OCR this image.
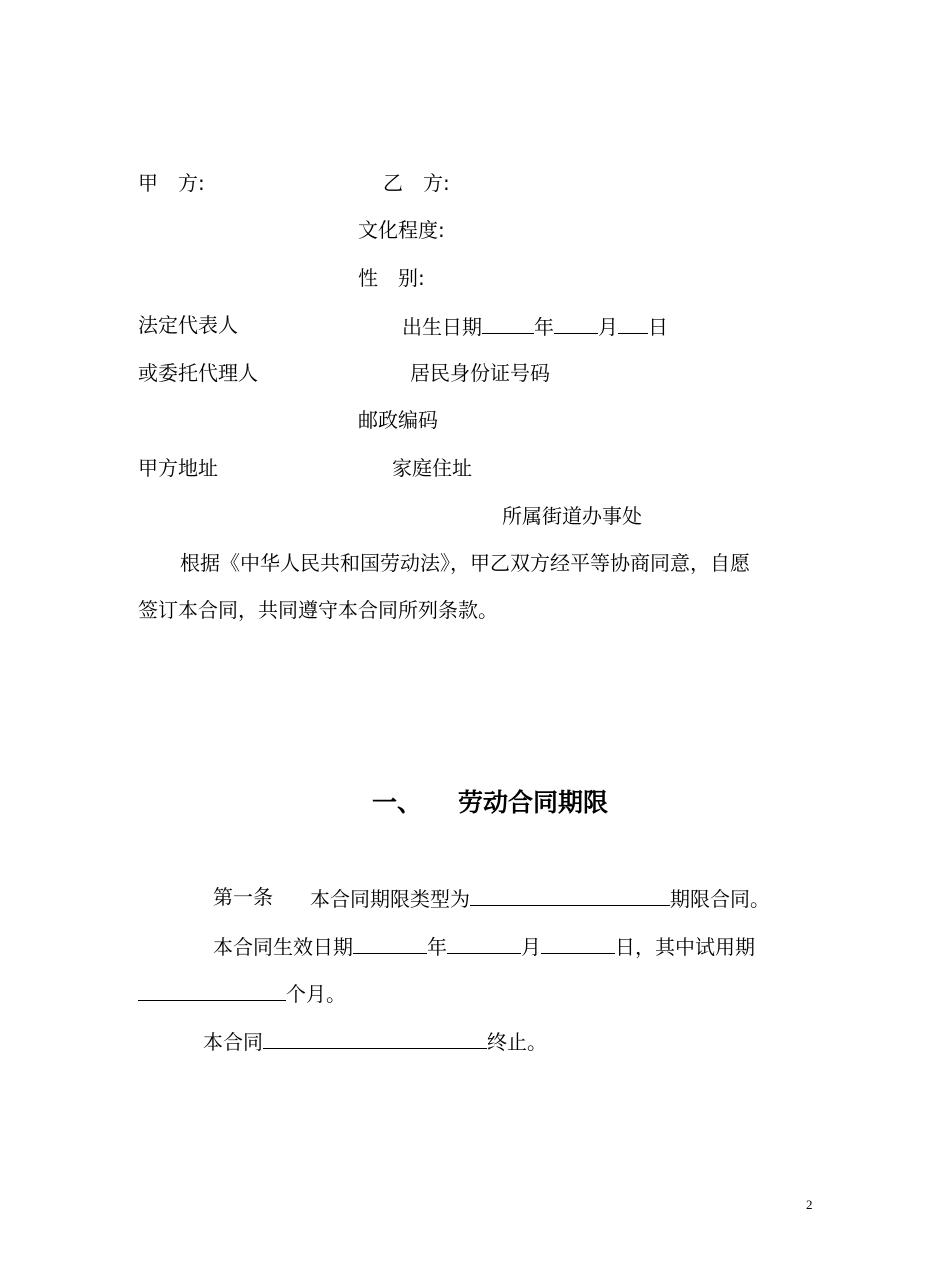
甲　方:	乙　方:
文化程度:
性　别:
法定代表人	出生日期	年 月 日
或委托代理人	居民身份证号码
邮政编码
甲方地址	家庭住址
所属街道办事处
根据《中华人民共和国劳动法》，甲乙双方经平等协商同意，自愿
签订本合同，共同遵守本合同所列条款。
一、 劳动合同期限
第一条 本合同期限类型为	期限合同。
本合同生效日期	年	月	日，其中试用期
个月。
本合同	终止。
2
